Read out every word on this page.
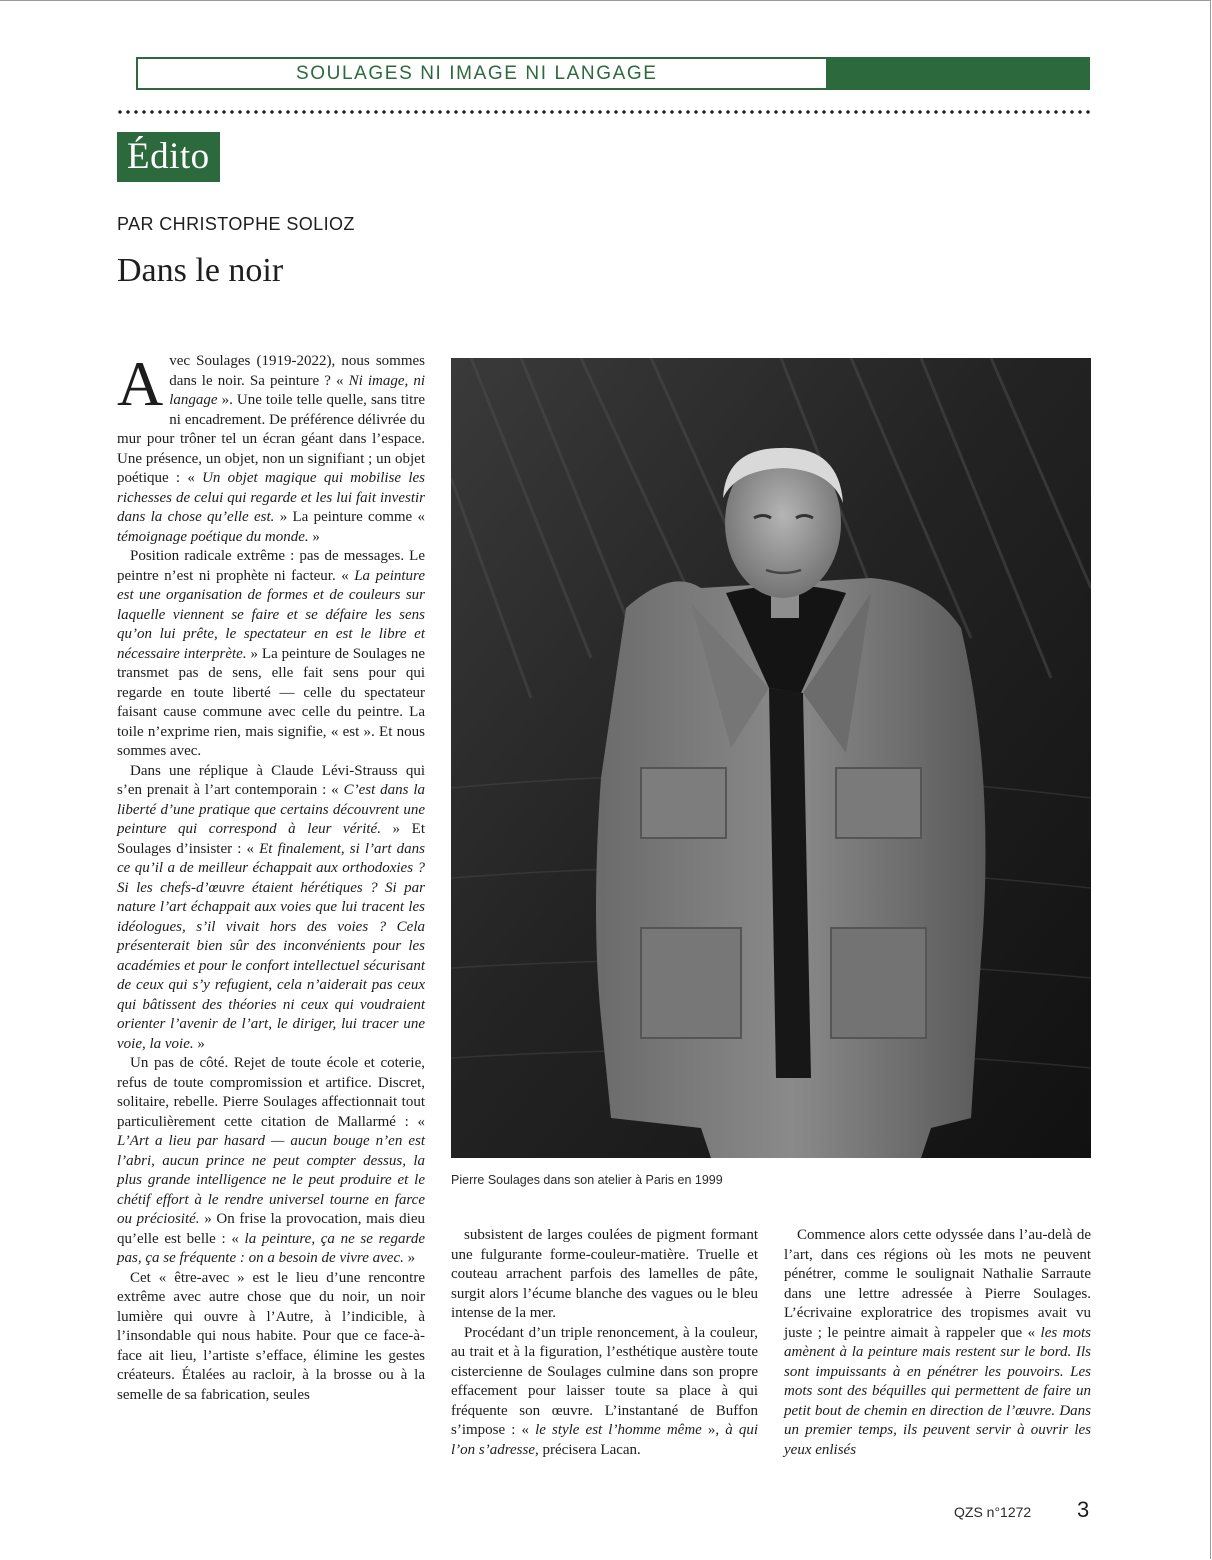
SOULAGES NI IMAGE NI LANGAGE
Édito
PAR CHRISTOPHE SOLIOZ
Dans le noir

Avec Soulages (1919-2022), nous sommes dans le noir. Sa peinture ? « Ni image, ni langage ». Une toile telle quelle, sans titre ni encadrement. De préférence délivrée du mur pour trôner tel un écran géant dans l’espace. Une présence, un objet, non un signifiant ; un objet poétique : « Un objet magique qui mobilise les richesses de celui qui regarde et les lui fait investir dans la chose qu’elle est. » La peinture comme « témoignage poétique du monde. »

Position radicale extrême : pas de messages. Le peintre n’est ni prophète ni facteur. « La peinture est une organisation de formes et de couleurs sur laquelle viennent se faire et se défaire les sens qu’on lui prête, le spectateur en est le libre et nécessaire interprète. » La peinture de Soulages ne transmet pas de sens, elle fait sens pour qui regarde en toute liberté — celle du spectateur faisant cause commune avec celle du peintre. La toile n’exprime rien, mais signifie, « est ». Et nous sommes avec.

Dans une réplique à Claude Lévi-Strauss qui s’en prenait à l’art contemporain : « C’est dans la liberté d’une pratique que certains découvrent une peinture qui correspond à leur vérité. » Et Soulages d’insister : « Et finalement, si l’art dans ce qu’il a de meilleur échappait aux orthodoxies ? Si les chefs-d’œuvre étaient hérétiques ? Si par nature l’art échappait aux voies que lui tracent les idéologues, s’il vivait hors des voies ? Cela présenterait bien sûr des inconvénients pour les académies et pour le confort intellectuel sécurisant de ceux qui s’y refugient, cela n’aiderait pas ceux qui bâtissent des théories ni ceux qui voudraient orienter l’avenir de l’art, le diriger, lui tracer une voie, la voie. »

Un pas de côté. Rejet de toute école et coterie, refus de toute compromission et artifice. Discret, solitaire, rebelle. Pierre Soulages affectionnait tout particulièrement cette citation de Mallarmé : « L’Art a lieu par hasard — aucun bouge n’en est l’abri, aucun prince ne peut compter dessus, la plus grande intelligence ne le peut produire et le chétif effort à le rendre universel tourne en farce ou préciosité. » On frise la provocation, mais dieu qu’elle est belle : « la peinture, ça ne se regarde pas, ça se fréquente : on a besoin de vivre avec. »

Cet « être-avec » est le lieu d’une rencontre extrême avec autre chose que du noir, un noir lumière qui ouvre à l’Autre, à l’indicible, à l’insondable qui nous habite. Pour que ce face-à-face ait lieu, l’artiste s’efface, élimine les gestes créateurs. Étalées au racloir, à la brosse ou à la semelle de sa fabrication, seules

Pierre Soulages dans son atelier à Paris en 1999

subsistent de larges coulées de pigment formant une fulgurante forme-couleur-matière. Truelle et couteau arrachent parfois des lamelles de pâte, surgit alors l’écume blanche des vagues ou le bleu intense de la mer.

Procédant d’un triple renoncement, à la couleur, au trait et à la figuration, l’esthétique austère toute cistercienne de Soulages culmine dans son propre effacement pour laisser toute sa place à qui fréquente son œuvre. L’instantané de Buffon s’impose : « le style est l’homme même », à qui l’on s’adresse, précisera Lacan.

Commence alors cette odyssée dans l’au-delà de l’art, dans ces régions où les mots ne peuvent pénétrer, comme le soulignait Nathalie Sarraute dans une lettre adressée à Pierre Soulages. L’écrivaine exploratrice des tropismes avait vu juste ; le peintre aimait à rappeler que « les mots amènent à la peinture mais restent sur le bord. Ils sont impuissants à en pénétrer les pouvoirs. Les mots sont des béquilles qui permettent de faire un petit bout de chemin en direction de l’œuvre. Dans un premier temps, ils peuvent servir à ouvrir les yeux enlisés

QZS n°1272 3
